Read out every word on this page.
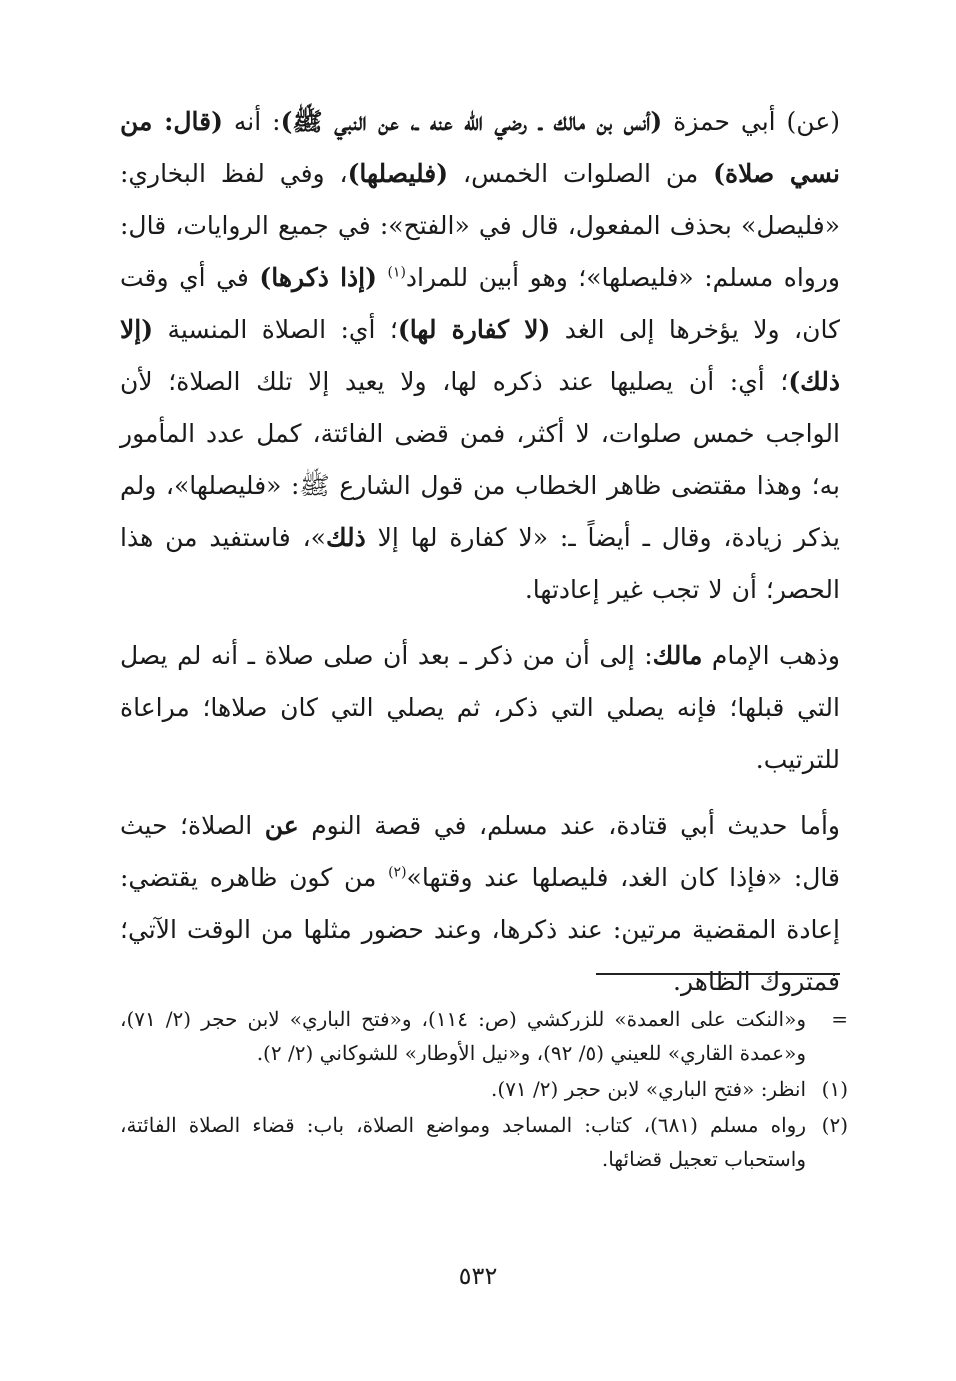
(عن) أبي حمزة (أنس بن مالك ـ رضي الله عنه ـ، عن النبي ﷺ): أنه (قال: من نسي صلاة) من الصلوات الخمس، (فليصلها)، وفي لفظ البخاري: «فليصل» بحذف المفعول، قال في «الفتح»: في جميع الروايات، قال: ورواه مسلم: «فليصلها»؛ وهو أبين للمراد$^{(١)}$ (إذا ذكرها) في أي وقت كان، ولا يؤخرها إلى الغد (لا كفارة لها)؛ أي: الصلاة المنسية (إلا ذلك)؛ أي: أن يصليها عند ذكره لها، ولا يعيد إلا تلك الصلاة؛ لأن الواجب خمس صلوات، لا أكثر، فمن قضى الفائتة، كمل عدد المأمور به؛ وهذا مقتضى ظاهر الخطاب من قول الشارع ﷺ: «فليصلها»، ولم يذكر زيادة، وقال ـ أيضاً ـ: «لا كفارة لها إلا ذلك»، فاستفيد من هذا الحصر؛ أن لا تجب غير إعادتها.

وذهب الإمام مالك: إلى أن من ذكر ـ بعد أن صلى صلاة ـ أنه لم يصل التي قبلها؛ فإنه يصلي التي ذكر، ثم يصلي التي كان صلاها؛ مراعاة للترتيب.

وأما حديث أبي قتادة، عند مسلم، في قصة النوم عن الصلاة؛ حيث قال: «فإذا كان الغد، فليصلها عند وقتها»$^{(٢)}$ من كون ظاهره يقتضي: إعادة المقضية مرتين: عند ذكرها، وعند حضور مثلها من الوقت الآتي؛ فمتروك الظاهر.

=
و«النكت على العمدة» للزركشي (ص: ١١٤)، و«فتح الباري» لابن حجر (٢/ ٧١)، و«عمدة القاري» للعيني (٥/ ٩٢)، و«نيل الأوطار» للشوكاني (٢/ ٢).
(١)
انظر: «فتح الباري» لابن حجر (٢/ ٧١).
(٢)
رواه مسلم (٦٨١)، كتاب: المساجد ومواضع الصلاة، باب: قضاء الصلاة الفائتة، واستحباب تعجيل قضائها.
٥٣٢
